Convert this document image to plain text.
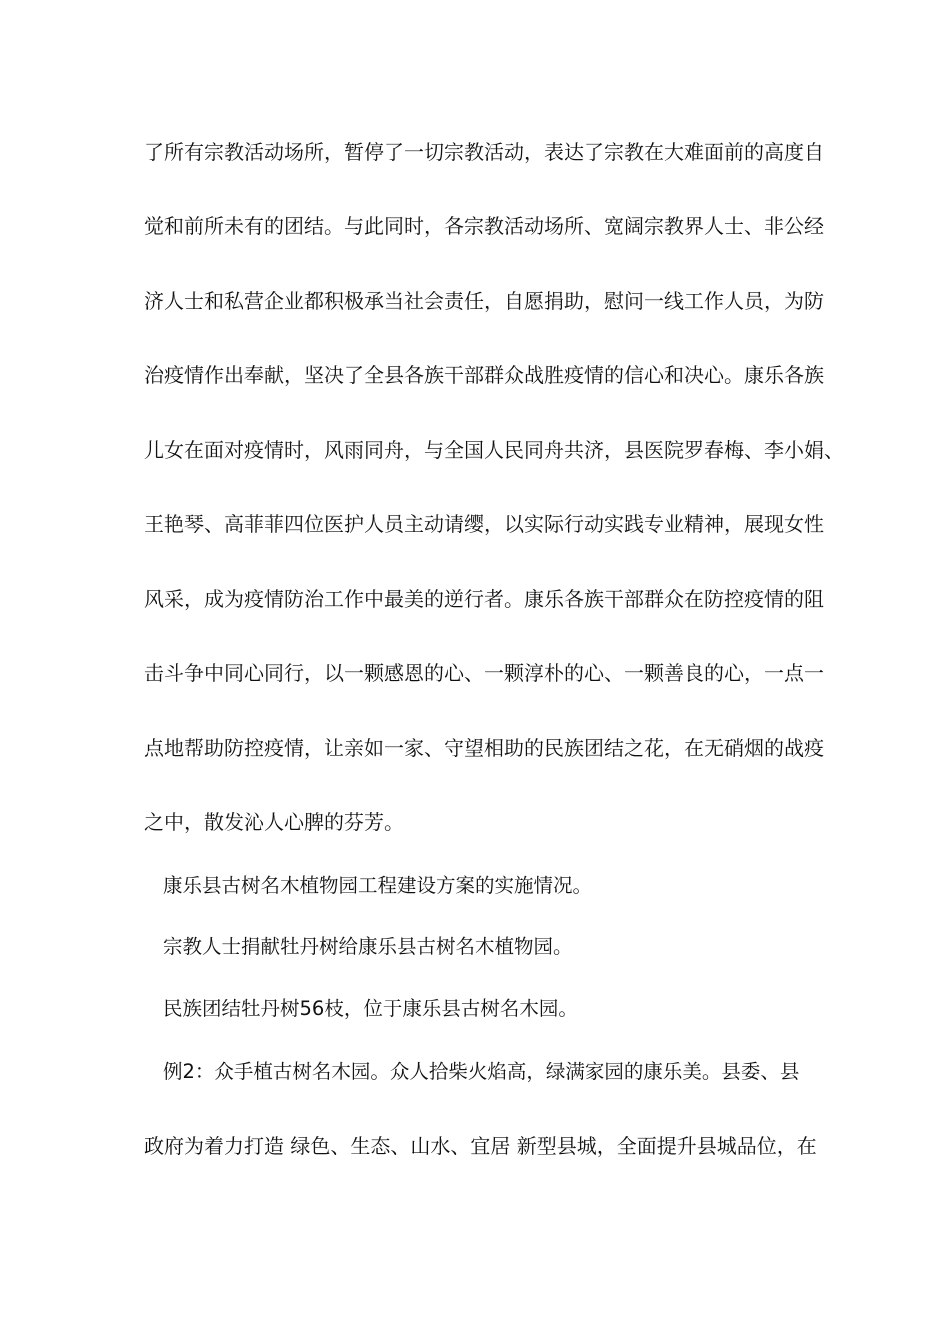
了所有宗教活动场所，暂停了一切宗教活动，表达了宗教在大难面前的高度自
觉和前所未有的团结。与此同时，各宗教活动场所、宽阔宗教界人士、非公经
济人士和私营企业都积极承当社会责任，自愿捐助，慰问一线工作人员，为防
治疫情作出奉献，坚决了全县各族干部群众战胜疫情的信心和决心。康乐各族
儿女在面对疫情时，风雨同舟，与全国人民同舟共济，县医院罗春梅、李小娟、
王艳琴、高菲菲四位医护人员主动请缨，以实际行动实践专业精神，展现女性
风采，成为疫情防治工作中最美的逆行者。康乐各族干部群众在防控疫情的阻
击斗争中同心同行，以一颗感恩的心、一颗淳朴的心、一颗善良的心，一点一
点地帮助防控疫情，让亲如一家、守望相助的民族团结之花，在无硝烟的战疫
之中，散发沁人心脾的芬芳。
康乐县古树名木植物园工程建设方案的实施情况。
宗教人士捐献牡丹树给康乐县古树名木植物园。
民族团结牡丹树56枝，位于康乐县古树名木园。
例2：众手植古树名木园。众人拾柴火焰高，绿满家园的康乐美。县委、县
政府为着力打造 绿色、生态、山水、宜居 新型县城，全面提升县城品位，在
